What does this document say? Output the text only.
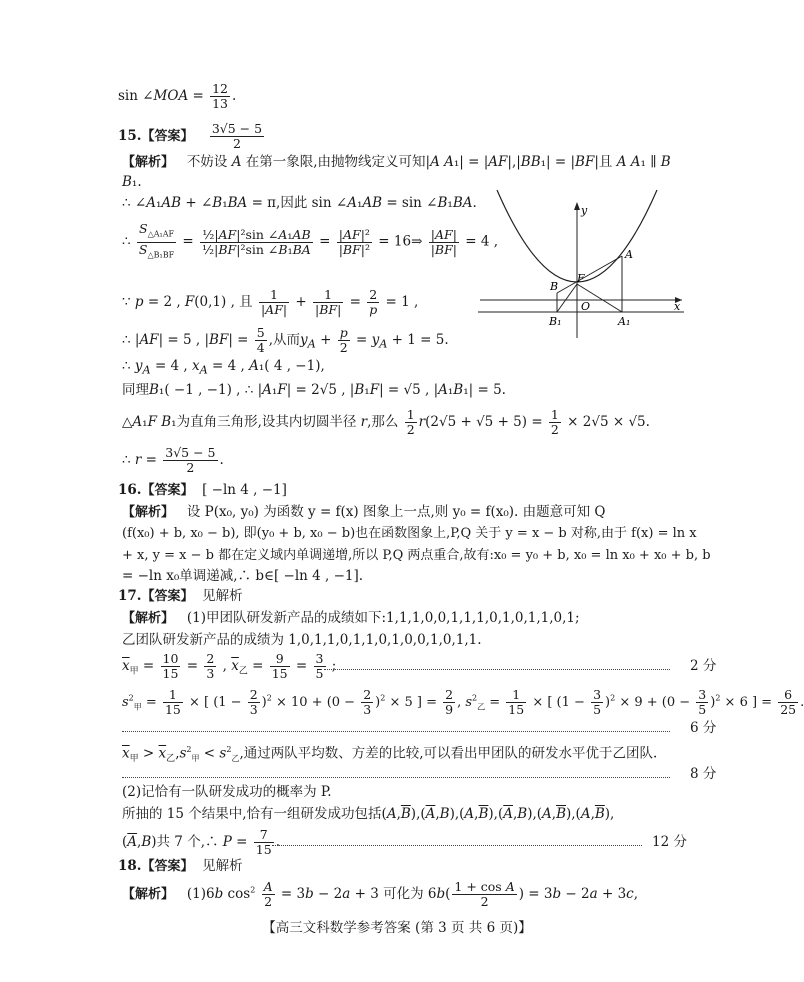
sin ∠MOA = $\frac{12}{13}$ .
15.【答案】 $\frac{3√5 - 5}{2}$
【解析】   不妨设 A 在第一象限,由抛物线定义可知|A A₁| = |AF|,|BB₁| = |BF|且 A A₁ ∥ B
B₁.
∴ ∠A₁AB + ∠B₁BA = π,因此 sin ∠A₁AB = sin ∠B₁BA.
∴ $\frac{S_{\triangle A_1AF}}{S_{\triangle B_1BF}} = \frac{\text{½|AF|²sin ∠A₁AB}}{\text{½|BF|²sin ∠B₁BA}} = \frac{\text{|AF|²}}{\text{|BF|²}}$ = 16⇒ $\frac{|AF|}{|BF|} = 4$ ,
∵ p = 2 , F(0,1) , 且 $\frac{1}{|AF|} + \frac{1}{|BF|} = \frac{2}{p} = 1$ ,
∴ |AF| = 5 , $|BF| = \frac{5}{4}$ ,从而$y_A + \frac{p}{2} = y_A + 1 = 5$.
∴ $y_A = 4$ , $x_A = 4$ , A₁( 4 , −1),
同理B₁( −1 , −1) , ∴ |A₁F| = 2√5 , |B₁F| = √5 , |A₁B₁| = 5.
△A₁F B₁为直角三角形,设其内切圆半径 r,那么 $\frac{1}{2} r(2√5 + √5 + 5) = \frac{1}{2} \times 2√5 \times √5$.
∴ $r = \frac{3√5 - 5}{2}$ .
y
x
A
B
F
O
B₁	A₁
16.【答案】 [ −ln 4 , −1]
【解析】 设 P(x₀, y₀) 为函数 y = f(x) 图象上一点,则 y₀ = f(x₀). 由题意可知 Q
(f(x₀) + b, x₀ − b), 即(y₀ + b, x₀ − b)也在函数图象上,P,Q 关于 y = x − b 对称,由于 f(x) = ln x
+ x, y = x − b 都在定义域内单调递增,所以 P,Q 两点重合,故有:x₀ = y₀ + b, x₀ = ln x₀ + x₀ + b, b
= −ln x₀单调递减,∴ b∈[ −ln 4 , −1].
17.【答案】 见解析
【解析】 (1)甲团队研发新产品的成绩如下:1,1,1,0,0,1,1,1,0,1,0,1,1,0,1;
乙团队研发新产品的成绩为 1,0,1,1,0,1,1,0,1,0,0,1,0,1,1.
$\overline{x}_甲 = \frac{10}{15} = \frac{2}{3}$ , $\overline{x}_乙 = \frac{9}{15} = \frac{3}{5}$ ;	2 分
$s^2_甲 = \frac{1}{15}$ × [ $(1 - \frac{2}{3} )^2 \times 10 + (0 - \frac{2}{3} )^2 \times 5$ ] = $\frac{2}{9}$ , $s^2_乙 = \frac{1}{15}$ × [ $(1 - \frac{3}{5} )^2 \times 9 + (0 - \frac{3}{5} )^2 \times 6$ ] = $\frac{6}{25}$ .
6 分
$\overline{x}_甲 > \overline{x}_乙,s^2_甲 < s^2_乙$,通过两队平均数、方差的比较,可以看出甲团队的研发水平优于乙团队.
8 分
(2)记恰有一队研发成功的概率为 P.
所抽的 15 个结果中,恰有一组研发成功包括$(A,\overline{B}),(\overline{A},B),(A,\overline{B}),(\overline{A},B),(A,\overline{B}),(A,\overline{B})$,
$(\overline{A},B)$共 7 个,∴ $P = \frac{7}{15}$ .	12 分
18.【答案】 见解析
【解析】   (1)6b $\cos^2 \frac{A}{2} = 3b - 2a + 3$ 可化为 $6b( \frac{\text{1 + cos A}}{2}$ ) = 3b − 2a + 3c,
【高三文科数学参考答案 (第 3 页 共 6 页)】
